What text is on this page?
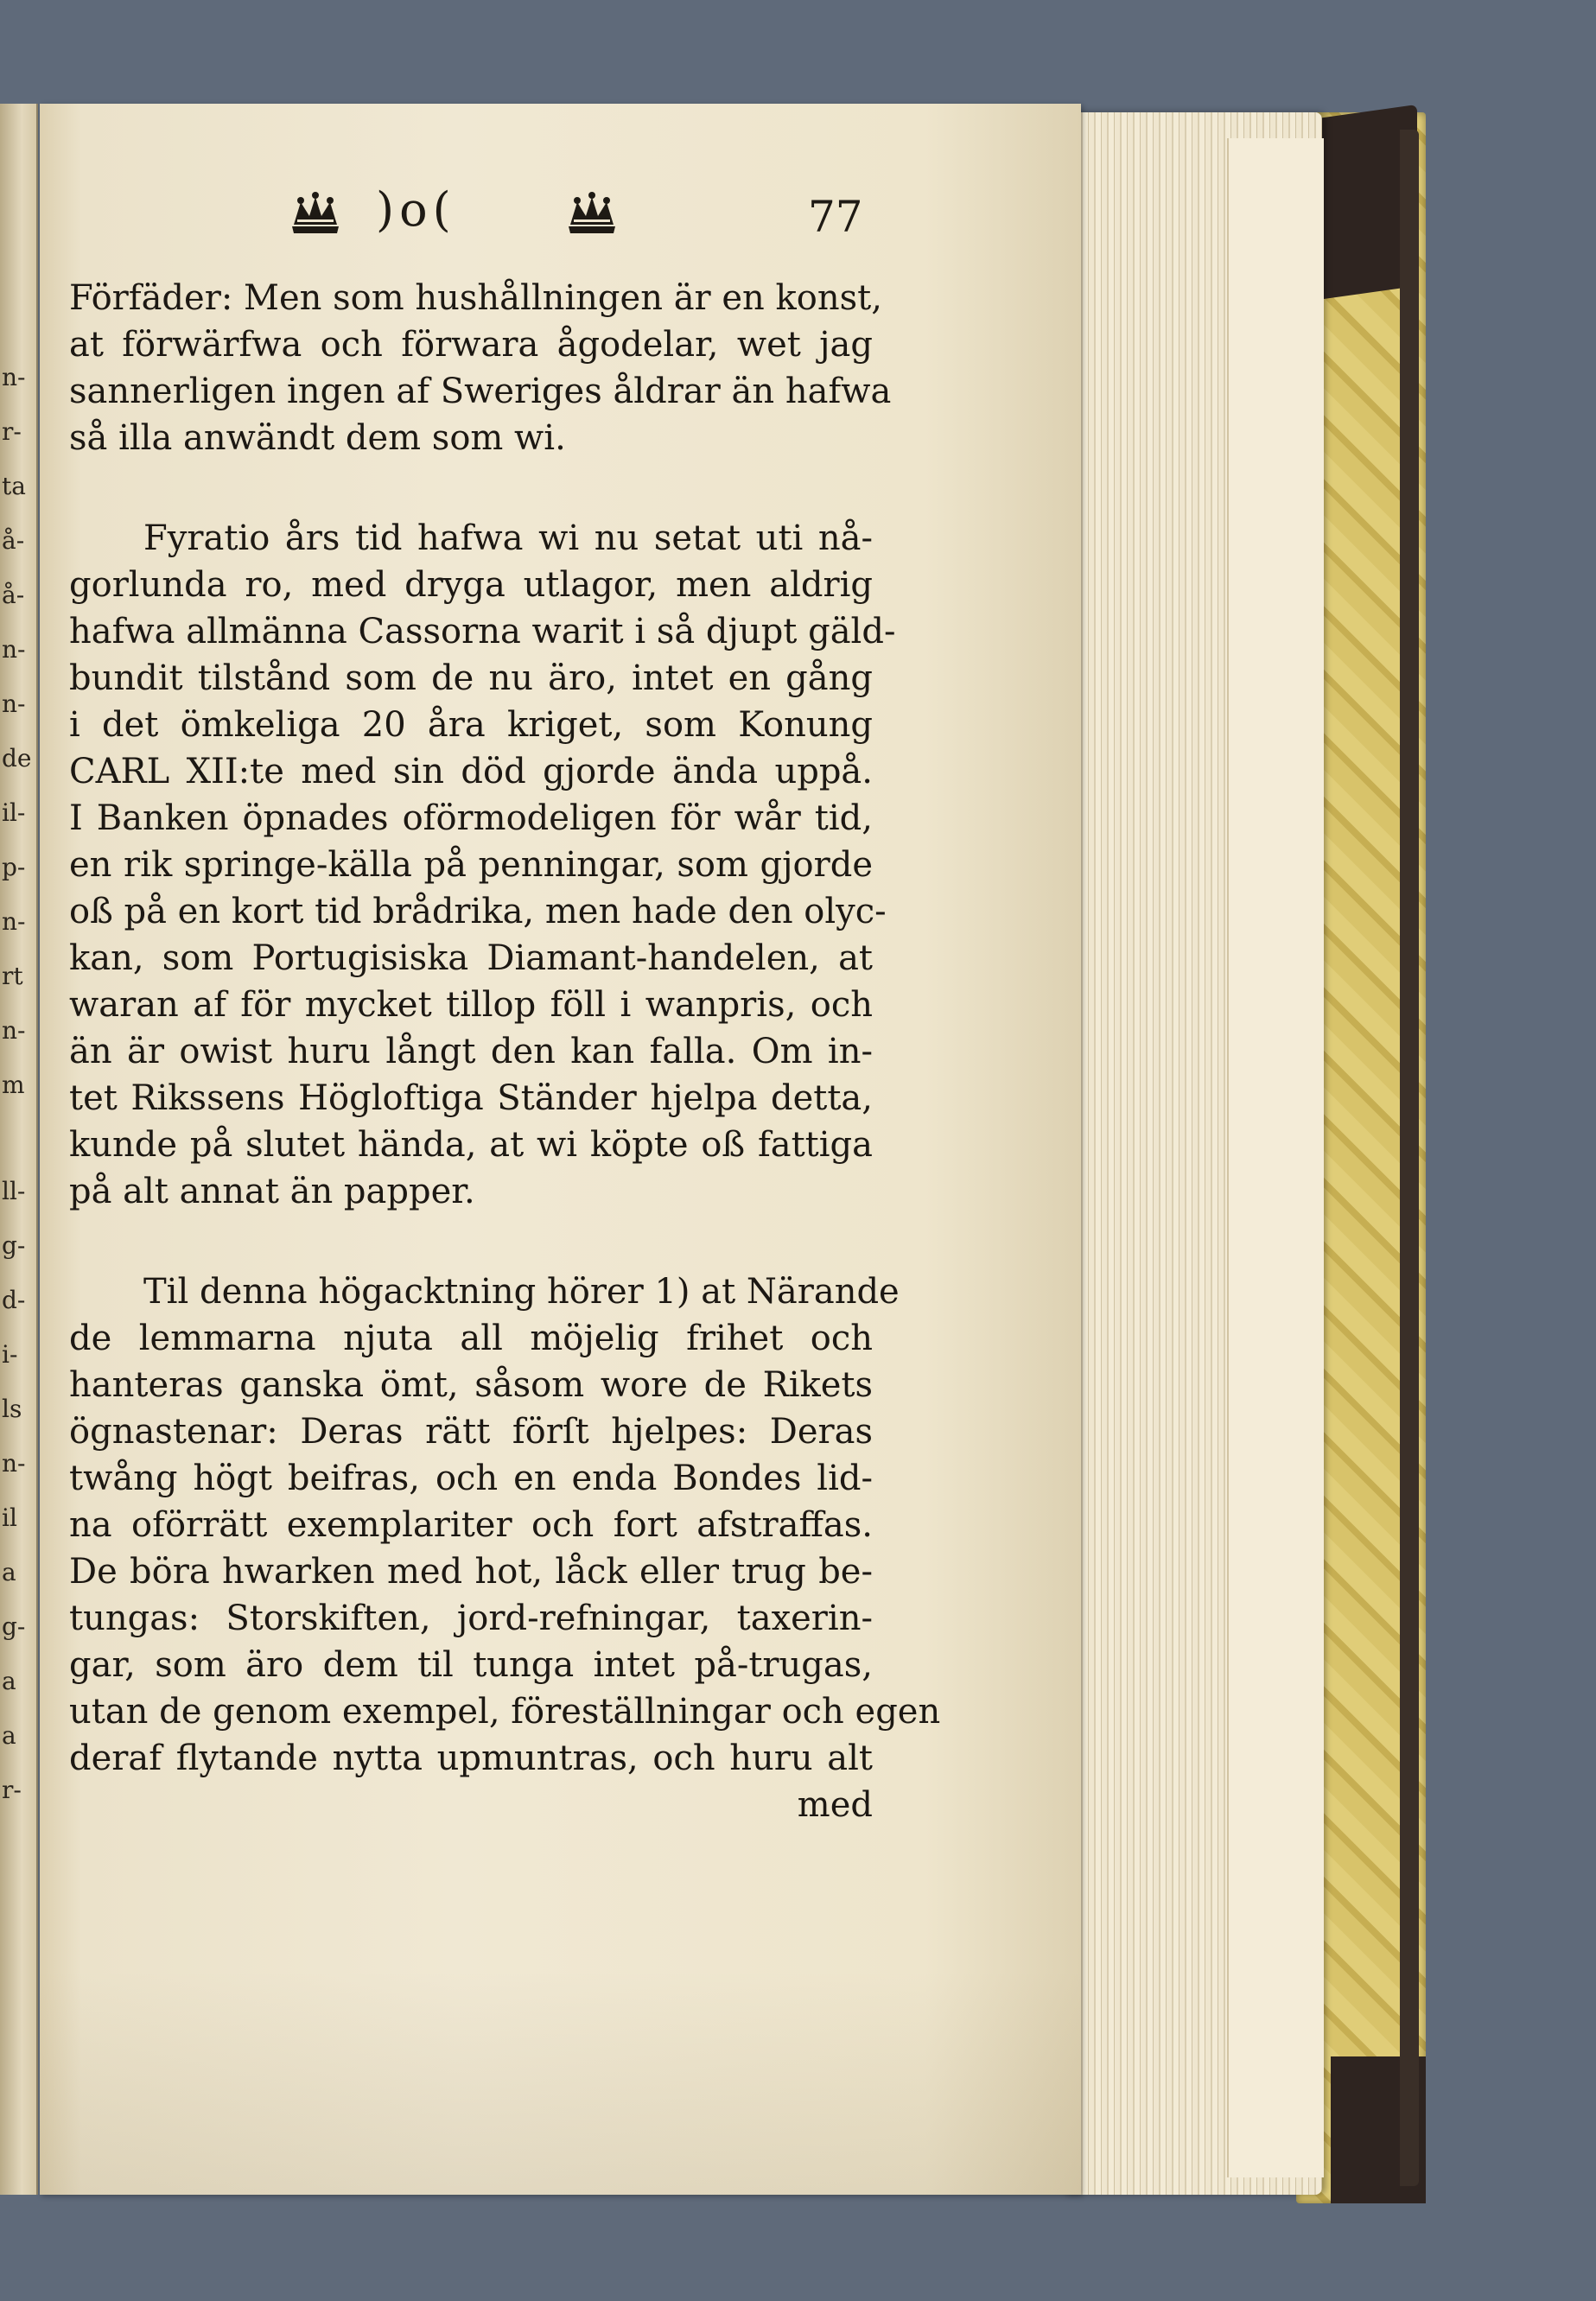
n-
r-
ta
å-
å-
n-
n-
de
il-
p-
n-
rt
n-
m
ll-
g-
d-
i-
ls
n-
il
a
g-
a
a
r-
)o(	77
Förfäder: Men som hushållningen är en konst,
at förwärfwa och förwara ågodelar, wet jag
sannerligen ingen af Sweriges åldrar än hafwa
så illa anwändt dem som wi.
Fyratio års tid hafwa wi nu setat uti nå-
gorlunda ro, med dryga utlagor, men aldrig
hafwa allmänna Cassorna warit i så djupt gäld-
bundit tilstånd som de nu äro, intet en gång
i det ömkeliga 20 åra kriget, som Konung
CARL XII:te med sin död gjorde ända uppå.
I Banken öpnades oförmodeligen för wår tid,
en rik springe-källa på penningar, som gjorde
oß på en kort tid brådrika, men hade den olyc-
kan, som Portugisiska Diamant-handelen, at
waran af för mycket tillop föll i wanpris, och
än är owist huru långt den kan falla. Om in-
tet Rikssens Högloftiga Ständer hjelpa detta,
kunde på slutet hända, at wi köpte oß fattiga
på alt annat än papper.
Til denna högacktning hörer 1) at Närande
de lemmarna njuta all möjelig frihet och
hanteras ganska ömt, såsom wore de Rikets
ögnastenar: Deras rätt förſt hjelpes: Deras
twång högt beifras, och en enda Bondes lid-
na oförrätt exemplariter och fort afstraffas.
De böra hwarken med hot, låck eller trug be-
tungas: Storskiften, jord-refningar, taxerin-
gar, som äro dem til tunga intet på-trugas,
utan de genom exempel, föreställningar och egen
deraf flytande nytta upmuntras, och huru alt
med
